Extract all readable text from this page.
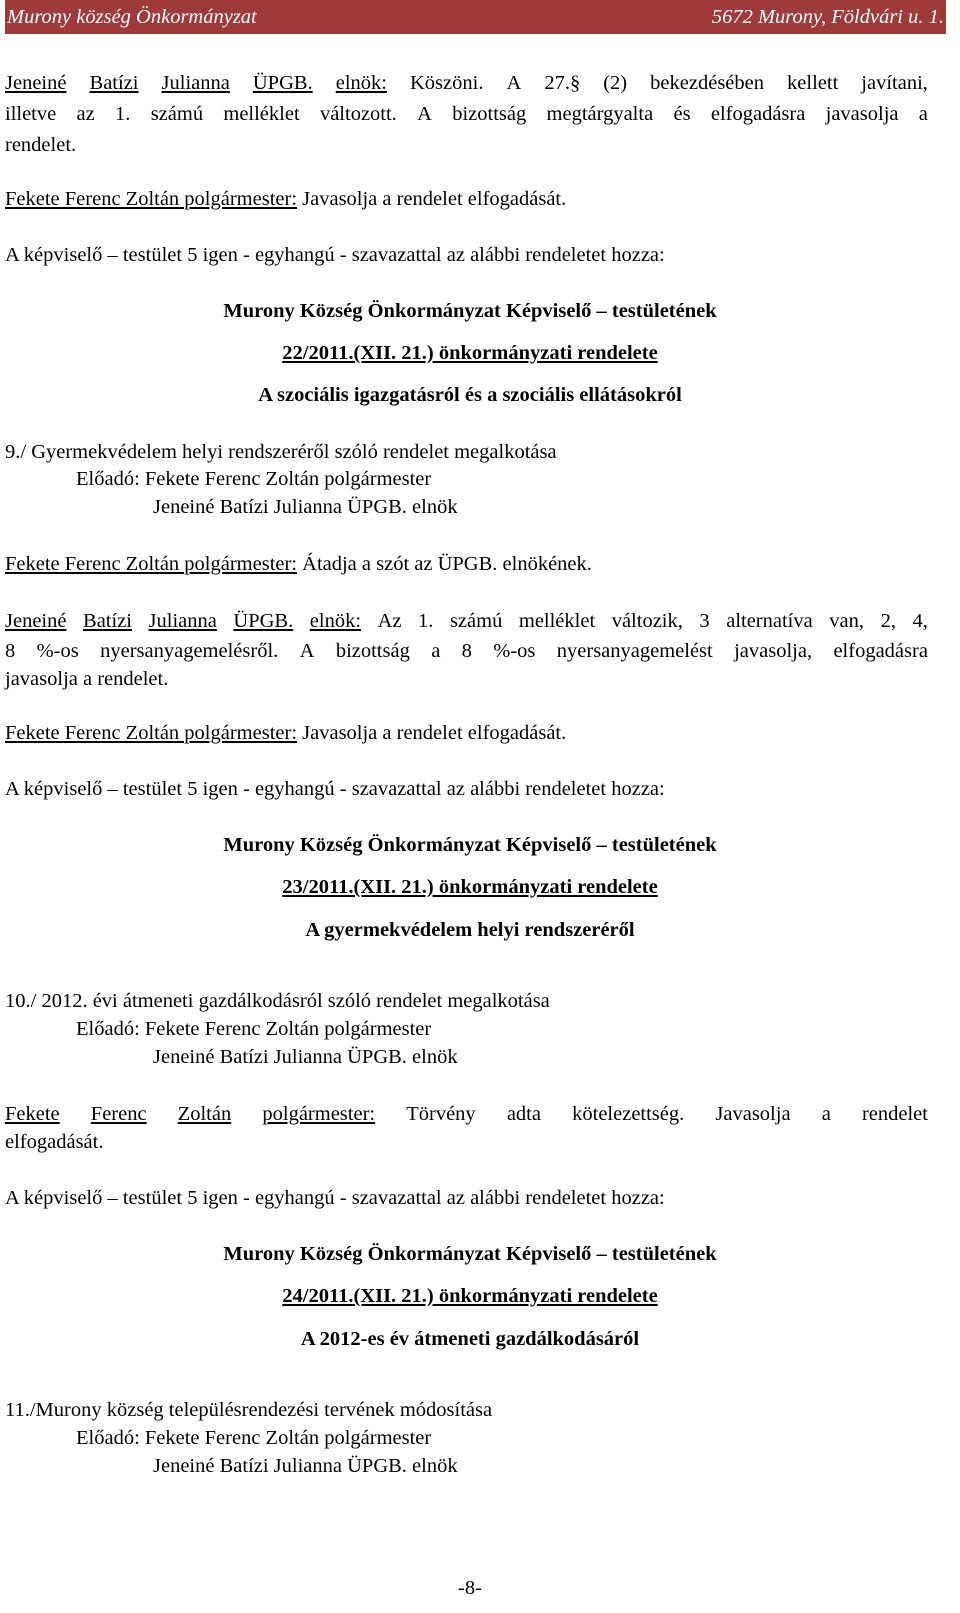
Murony község Önkormányzat	5672 Murony, Földvári u. 1.
Jeneiné Batízi Julianna ÜPGB. elnök: Köszöni. A 27.§ (2) bekezdésében kellett javítani,
illetve az 1. számú melléklet változott. A bizottság megtárgyalta és elfogadásra javasolja a
rendelet.
Fekete Ferenc Zoltán polgármester: Javasolja a rendelet elfogadását.
A képviselő – testület 5 igen - egyhangú - szavazattal az alábbi rendeletet hozza:
Murony Község Önkormányzat Képviselő – testületének
22/2011.(XII. 21.) önkormányzati rendelete
A szociális igazgatásról és a szociális ellátásokról
9./ Gyermekvédelem helyi rendszeréről szóló rendelet megalkotása
Előadó: Fekete Ferenc Zoltán polgármester
Jeneiné Batízi Julianna ÜPGB. elnök
Fekete Ferenc Zoltán polgármester: Átadja a szót az ÜPGB. elnökének.
Jeneiné Batízi Julianna ÜPGB. elnök: Az 1. számú melléklet változik, 3 alternatíva van, 2, 4,
8 %-os nyersanyagemelésről. A bizottság a 8 %-os nyersanyagemelést javasolja, elfogadásra
javasolja a rendelet.
Fekete Ferenc Zoltán polgármester: Javasolja a rendelet elfogadását.
A képviselő – testület 5 igen - egyhangú - szavazattal az alábbi rendeletet hozza:
Murony Község Önkormányzat Képviselő – testületének
23/2011.(XII. 21.) önkormányzati rendelete
A gyermekvédelem helyi rendszeréről
10./ 2012. évi átmeneti gazdálkodásról szóló rendelet megalkotása
Előadó: Fekete Ferenc Zoltán polgármester
Jeneiné Batízi Julianna ÜPGB. elnök
Fekete Ferenc Zoltán polgármester: Törvény adta kötelezettség. Javasolja a rendelet
elfogadását.
A képviselő – testület 5 igen - egyhangú - szavazattal az alábbi rendeletet hozza:
Murony Község Önkormányzat Képviselő – testületének
24/2011.(XII. 21.) önkormányzati rendelete
A 2012-es év átmeneti gazdálkodásáról
11./Murony község településrendezési tervének módosítása
Előadó: Fekete Ferenc Zoltán polgármester
Jeneiné Batízi Julianna ÜPGB. elnök
-8-
